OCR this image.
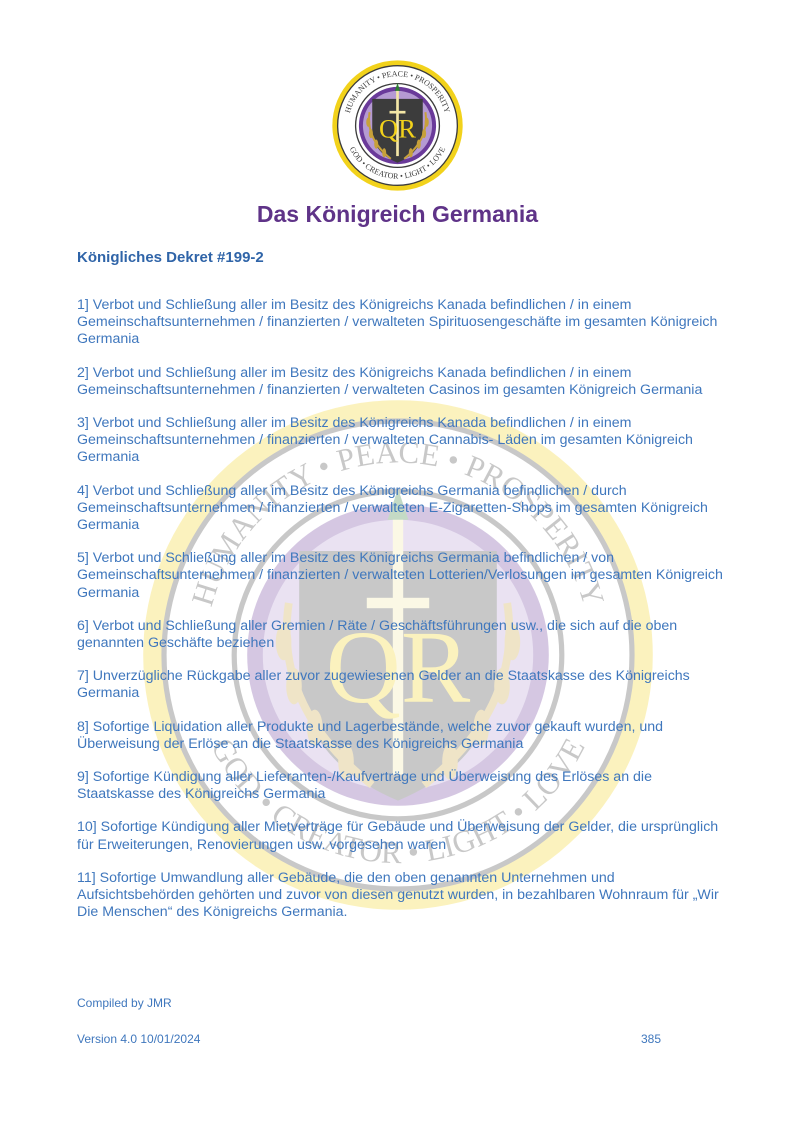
Das Königreich Germania
Königliches Dekret #199-2
1] Verbot und Schließung aller im Besitz des Königreichs Kanada befindlichen / in einem Gemeinschaftsunternehmen / finanzierten / verwalteten Spirituosengeschäfte im gesamten Königreich Germania
2] Verbot und Schließung aller im Besitz des Königreichs Kanada befindlichen / in einem Gemeinschaftsunternehmen / finanzierten / verwalteten Casinos im gesamten Königreich Germania
3] Verbot und Schließung aller im Besitz des Königreichs Kanada befindlichen / in einem Gemeinschaftsunternehmen / finanzierten / verwalteten Cannabis- Läden im gesamten Königreich Germania
4] Verbot und Schließung aller im Besitz des Königreichs Germania befindlichen / durch Gemeinschaftsunternehmen / finanzierten / verwalteten E-Zigaretten-Shops im gesamten Königreich Germania
5] Verbot und Schließung aller im Besitz des Königreichs Germania befindlichen / von Gemeinschaftsunternehmen / finanzierten / verwalteten Lotterien/Verlosungen im gesamten Königreich Germania
6] Verbot und Schließung aller Gremien / Räte / Geschäftsführungen usw., die sich auf die oben genannten Geschäfte beziehen
7] Unverzügliche Rückgabe aller zuvor zugewiesenen Gelder an die Staatskasse des Königreichs Germania
8] Sofortige Liquidation aller Produkte und Lagerbestände, welche zuvor gekauft wurden, und Überweisung der Erlöse an die Staatskasse des Königreichs Germania
9] Sofortige Kündigung aller Lieferanten-/Kaufverträge und Überweisung des Erlöses an die Staatskasse des Königreichs Germania
10] Sofortige Kündigung aller Mietverträge für Gebäude und Überweisung der Gelder, die ursprünglich für Erweiterungen, Renovierungen usw. vorgesehen waren
11] Sofortige Umwandlung aller Gebäude, die den oben genannten Unternehmen und Aufsichtsbehörden gehörten und zuvor von diesen genutzt wurden, in bezahlbaren Wohnraum für „Wir Die Menschen“ des Königreichs Germania.

Compiled by JMR

Version 4.0 10/01/2024	385
